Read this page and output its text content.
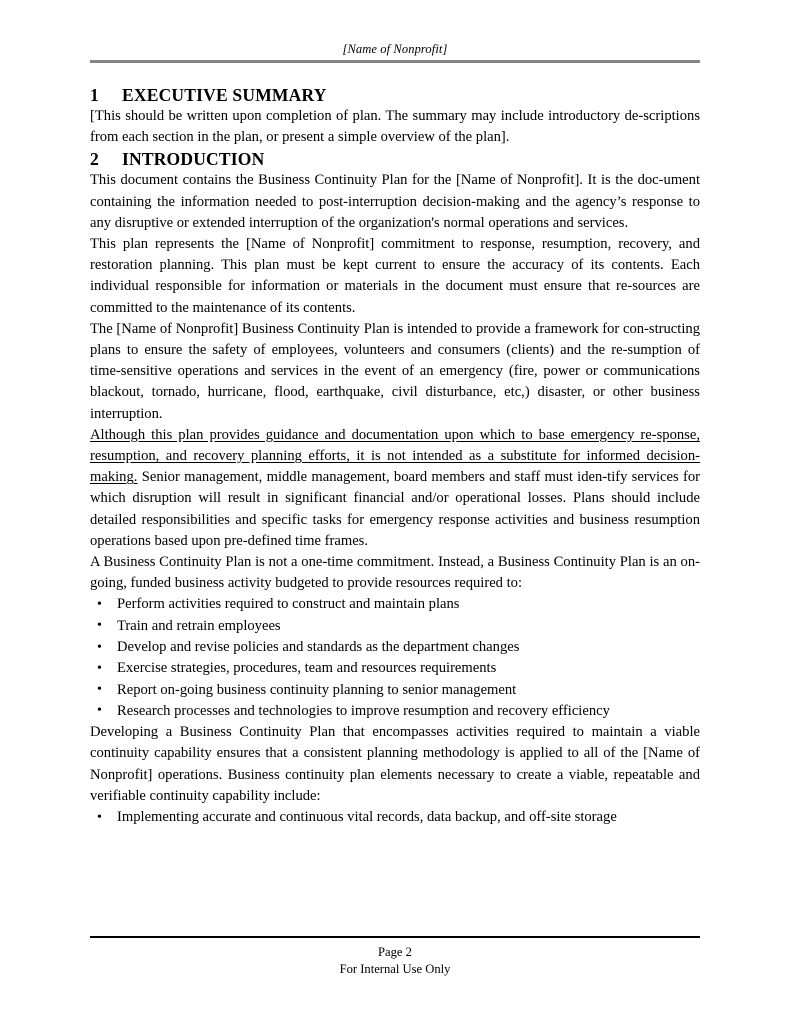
[Name of Nonprofit]
1	EXECUTIVE SUMMARY

[This should be written upon completion of plan. The summary may include introductory de-scriptions from each section in the plan, or present a simple overview of the plan].

2	INTRODUCTION

This document contains the Business Continuity Plan for the [Name of Nonprofit]. It is the doc-ument containing the information needed to post-interruption decision-making and the agency’s response to any disruptive or extended interruption of the organization's normal operations and services.

This plan represents the [Name of Nonprofit] commitment to response, resumption, recovery, and restoration planning. This plan must be kept current to ensure the accuracy of its contents. Each individual responsible for information or materials in the document must ensure that re-sources are committed to the maintenance of its contents.

The [Name of Nonprofit] Business Continuity Plan is intended to provide a framework for con-structing plans to ensure the safety of employees, volunteers and consumers (clients) and the re-sumption of time-sensitive operations and services in the event of an emergency (fire, power or communications blackout, tornado, hurricane, flood, earthquake, civil disturbance, etc,) disaster, or other business interruption.

Although this plan provides guidance and documentation upon which to base emergency re-sponse, resumption, and recovery planning efforts, it is not intended as a substitute for informed decision-making. Senior management, middle management, board members and staff must iden-tify services for which disruption will result in significant financial and/or operational losses. Plans should include detailed responsibilities and specific tasks for emergency response activities and business resumption operations based upon pre-defined time frames.

A Business Continuity Plan is not a one-time commitment. Instead, a Business Continuity Plan is an on-going, funded business activity budgeted to provide resources required to:

• Perform activities required to construct and maintain plans
• Train and retrain employees
• Develop and revise policies and standards as the department changes
• Exercise strategies, procedures, team and resources requirements
• Report on-going business continuity planning to senior management
• Research processes and technologies to improve resumption and recovery efficiency

Developing a Business Continuity Plan that encompasses activities required to maintain a viable continuity capability ensures that a consistent planning methodology is applied to all of the [Name of Nonprofit] operations. Business continuity plan elements necessary to create a viable, repeatable and verifiable continuity capability include:

• Implementing accurate and continuous vital records, data backup, and off-site storage
Page 2
For Internal Use Only
